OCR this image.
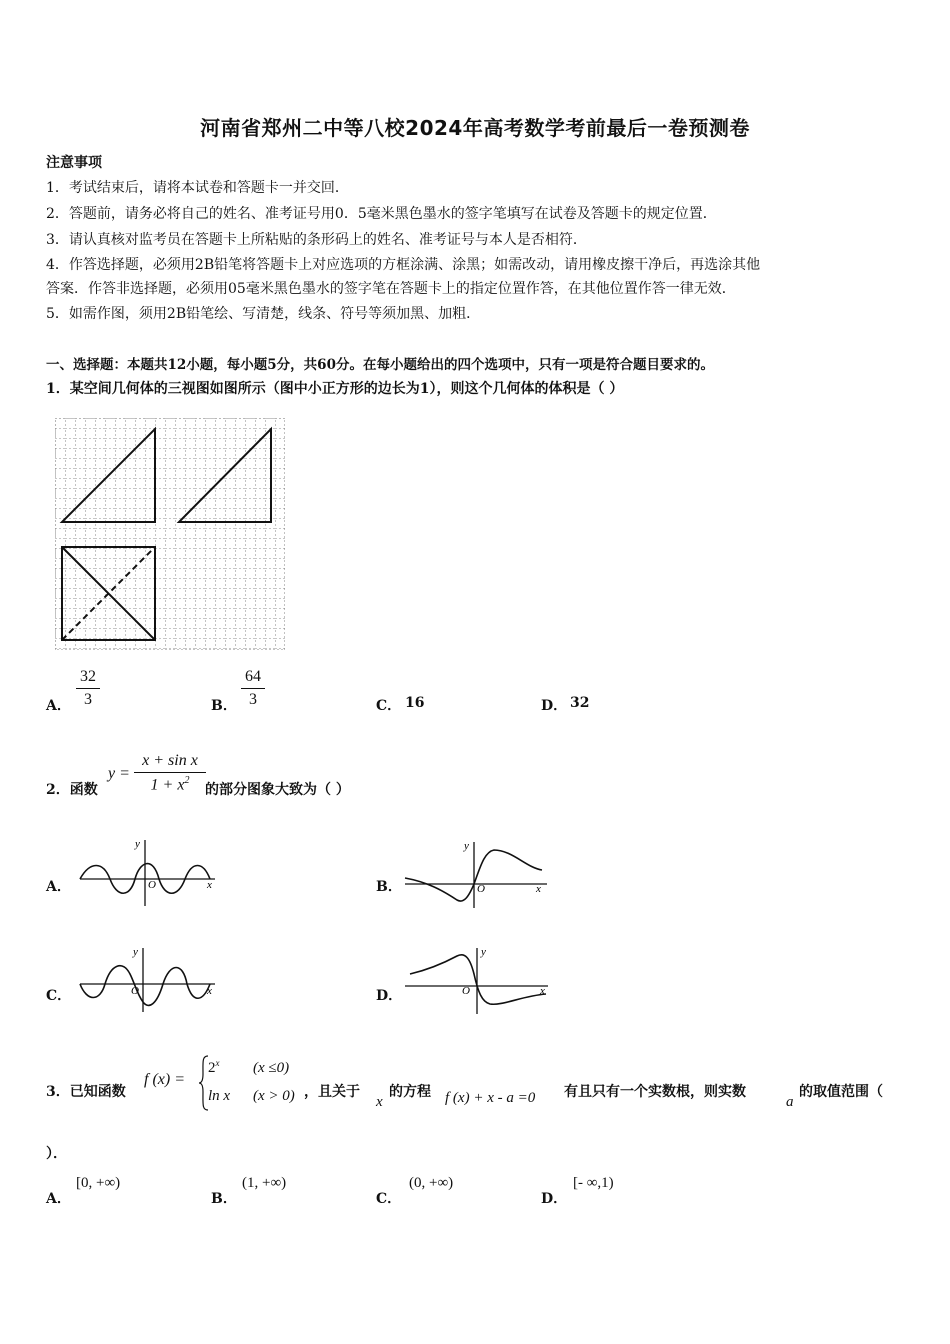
河南省郑州二中等八校2024年高考数学考前最后一卷预测卷
注意事项
1．考试结束后，请将本试卷和答题卡一并交回．
2．答题前，请务必将自己的姓名、准考证号用0．5毫米黑色墨水的签字笔填写在试卷及答题卡的规定位置．
3．请认真核对监考员在答题卡上所粘贴的条形码上的姓名、准考证号与本人是否相符．
4．作答选择题，必须用2B铅笔将答题卡上对应选项的方框涂满、涂黑；如需改动，请用橡皮擦干净后，再选涂其他
答案．作答非选择题，必须用05毫米黑色墨水的签字笔在答题卡上的指定位置作答，在其他位置作答一律无效．
5．如需作图，须用2B铅笔绘、写清楚，线条、符号等须加黑、加粗．
一、选择题：本题共12小题，每小题5分，共60分。在每小题给出的四个选项中，只有一项是符合题目要求的。
1．某空间几何体的三视图如图所示（图中小正方形的边长为1），则这个几何体的体积是（ ）
A．
32
3	B．
64
3	C． 16	D． 32
2．函数
y =
x + sin x
$1 + x^2$
的部分图象大致为（ ）
A．
y
x
O	B．
y
x
O
C．
y
x
O	D．
y
x
O
3．已知函数
f (x) =
$2^x$ (x ≤0)
ln x (x > 0) ，且关于
x
的方程 f (x) + x - a =0 有且只有一个实数根，则实数
a
的取值范围（
）．
A．
[0, +∞)
B．
(1, +∞)
C．
(0, +∞)
D．
[- ∞,1)
